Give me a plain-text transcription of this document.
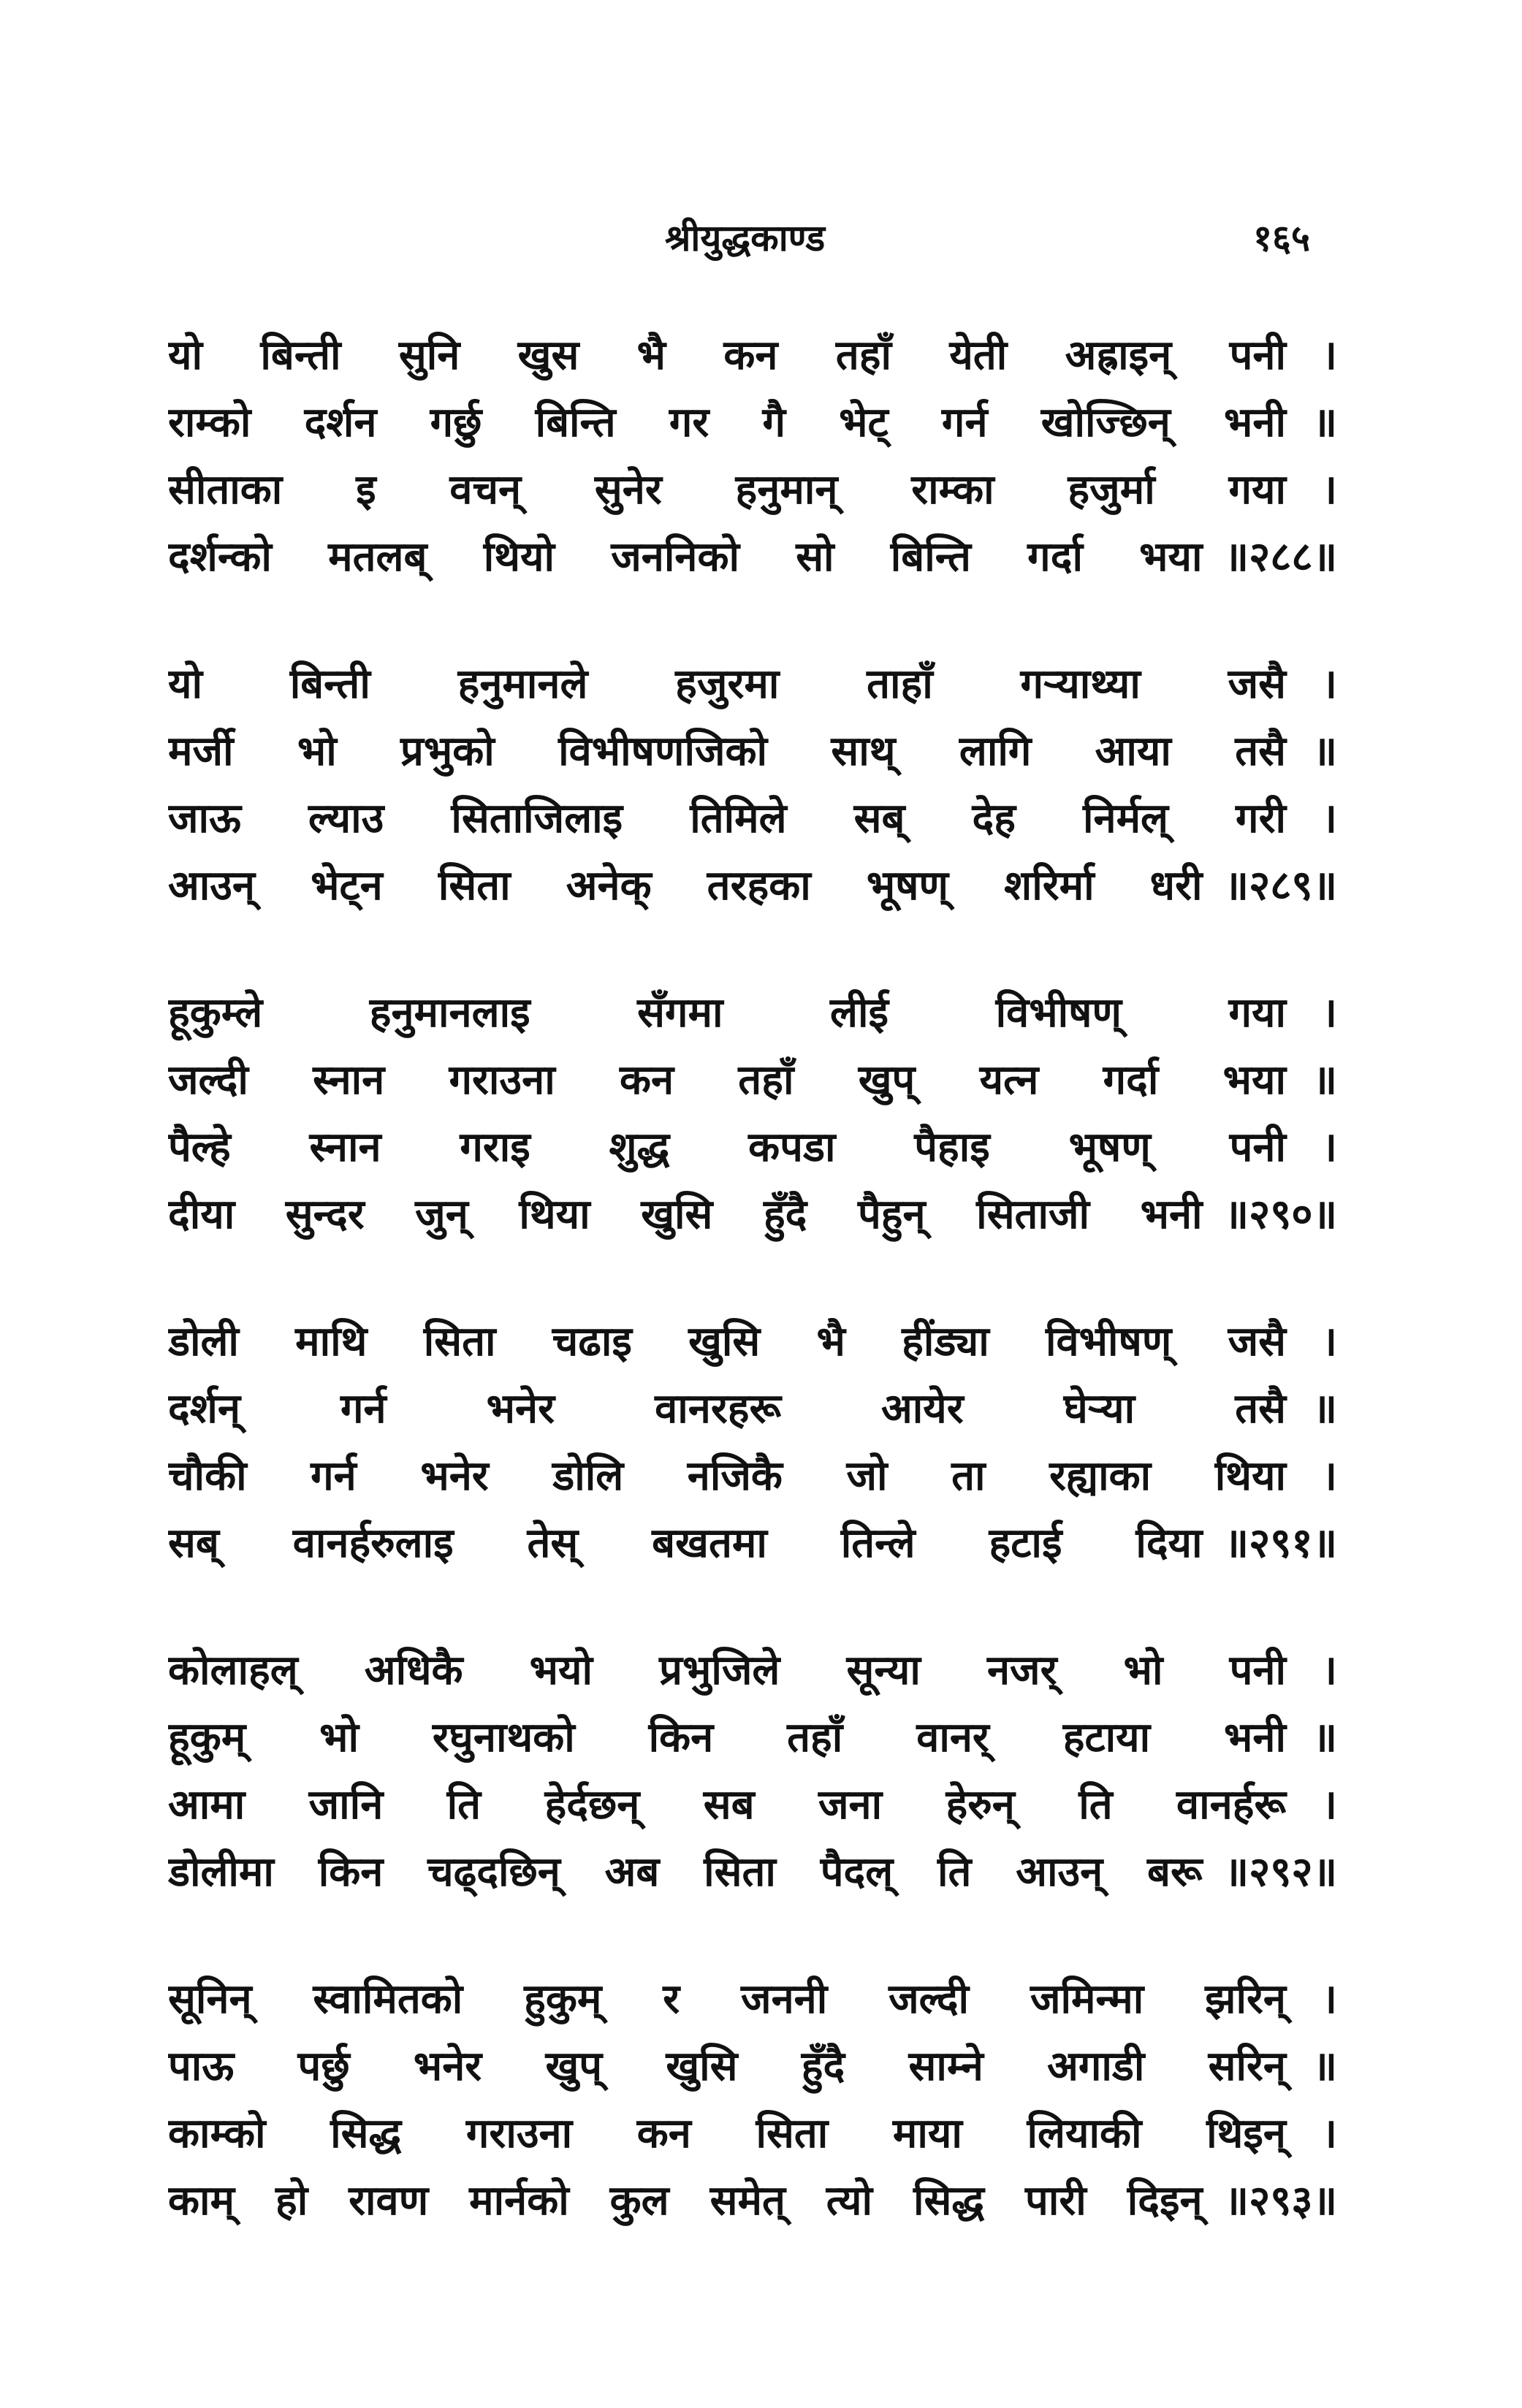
श्रीयुद्धकाण्ड	१६५
यो बिन्ती सुनि खुस भै कन तहाँ येती अह्राइन् पनी ।
राम्को दर्शन गर्छु बिन्ति गर गै भेट् गर्न खोज्छिन् भनी ॥
सीताका इ वचन् सुनेर हनुमान् राम्का हजुर्मा गया ।
दर्शन्को मतलब् थियो जननिको सो बिन्ति गर्दा भया ॥२८८॥
यो बिन्ती हनुमानले हजुरमा ताहाँ गऱ्याथ्या जसै ।
मर्जी भो प्रभुको विभीषणजिको साथ् लागि आया तसै ॥
जाऊ ल्याउ सिताजिलाइ तिमिले सब् देह निर्मल् गरी ।
आउन् भेट्न सिता अनेक् तरहका भूषण् शरिर्मा धरी ॥२८९॥
हूकुम्ले हनुमानलाइ सँगमा लीई विभीषण् गया ।
जल्दी स्नान गराउना कन तहाँ खुप् यत्न गर्दा भया ॥
पैल्हे स्नान गराइ शुद्ध कपडा पैहाइ भूषण् पनी ।
दीया सुन्दर जुन् थिया खुसि हुँदै पैहुन् सिताजी भनी ॥२९०॥
डोली माथि सिता चढाइ खुसि भै हींड्या विभीषण् जसै ।
दर्शन् गर्न भनेर वानरहरू आयेर घेऱ्या तसै ॥
चौकी गर्न भनेर डोलि नजिकै जो ता रह्याका थिया ।
सब् वानर्हरुलाइ तेस् बखतमा तिन्ले हटाई दिया ॥२९१॥
कोलाहल् अधिकै भयो प्रभुजिले सून्या नजर् भो पनी ।
हूकुम् भो रघुनाथको किन तहाँ वानर् हटाया भनी ॥
आमा जानि ति हेर्दछन् सब जना हेरुन् ति वानर्हरू ।
डोलीमा किन चढ्दछिन् अब सिता पैदल् ति आउन् बरू ॥२९२॥
सूनिन् स्वामितको हुकुम् र जननी जल्दी जमिन्मा झरिन् ।
पाऊ पर्छु भनेर खुप् खुसि हुँदै साम्ने अगाडी सरिन् ॥
काम्को सिद्ध गराउना कन सिता माया लियाकी थिइन् ।
काम् हो रावण मार्नको कुल समेत् त्यो सिद्ध पारी दिइन् ॥२९३॥
